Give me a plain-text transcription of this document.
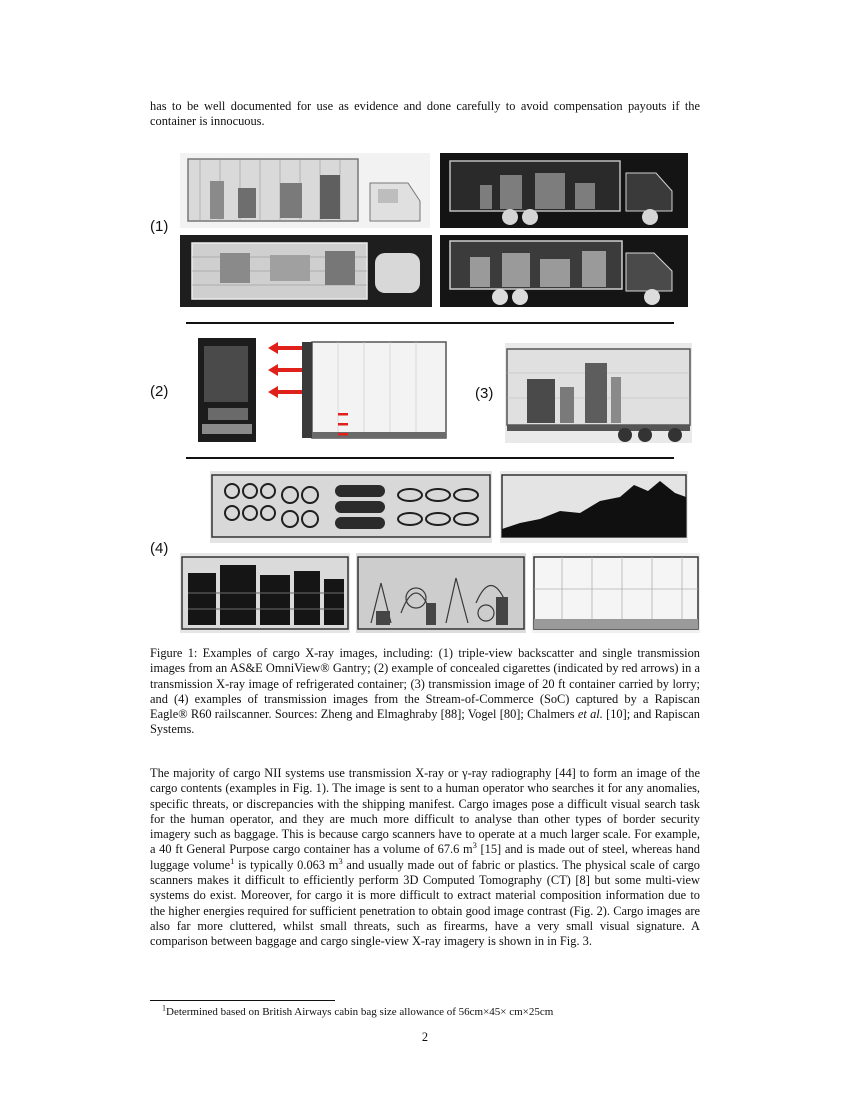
has to be well documented for use as evidence and done carefully to avoid compensation payouts if the container is innocuous.

(1)
(2)	(3)
(4)

Figure 1: Examples of cargo X-ray images, including: (1) triple-view backscatter and single transmission images from an AS&E OmniView® Gantry; (2) example of concealed cigarettes (indicated by red arrows) in a transmission X-ray image of refrigerated container; (3) transmission image of 20 ft container carried by lorry; and (4) examples of transmission images from the Stream-of-Commerce (SoC) captured by a Rapiscan Eagle® R60 railscanner. Sources: Zheng and Elmaghraby [88]; Vogel [80]; Chalmers et al. [10]; and Rapiscan Systems.

The majority of cargo NII systems use transmission X-ray or γ-ray radiography [44] to form an image of the cargo contents (examples in Fig. 1). The image is sent to a human operator who searches it for any anomalies, specific threats, or discrepancies with the shipping manifest. Cargo images pose a difficult visual search task for the human operator, and they are much more difficult to analyse than other types of border security imagery such as baggage. This is because cargo scanners have to operate at a much larger scale. For example, a 40 ft General Purpose cargo container has a volume of 67.6 $m^3$ [15] and is made out of steel, whereas hand luggage volume$^1$ is typically 0.063 $m^3$ and usually made out of fabric or plastics. The physical scale of cargo scanners makes it difficult to efficiently perform 3D Computed Tomography (CT) [8] but some multi-view systems do exist. Moreover, for cargo it is more difficult to extract material composition information due to the higher energies required for sufficient penetration to obtain good image contrast (Fig. 2). Cargo images are also far more cluttered, whilst small threats, such as firearms, have a very small visual signature. A comparison between baggage and cargo single-view X-ray imagery is shown in in Fig. 3.

$^1$Determined based on British Airways cabin bag size allowance of 56cm×45× cm×25cm
2
